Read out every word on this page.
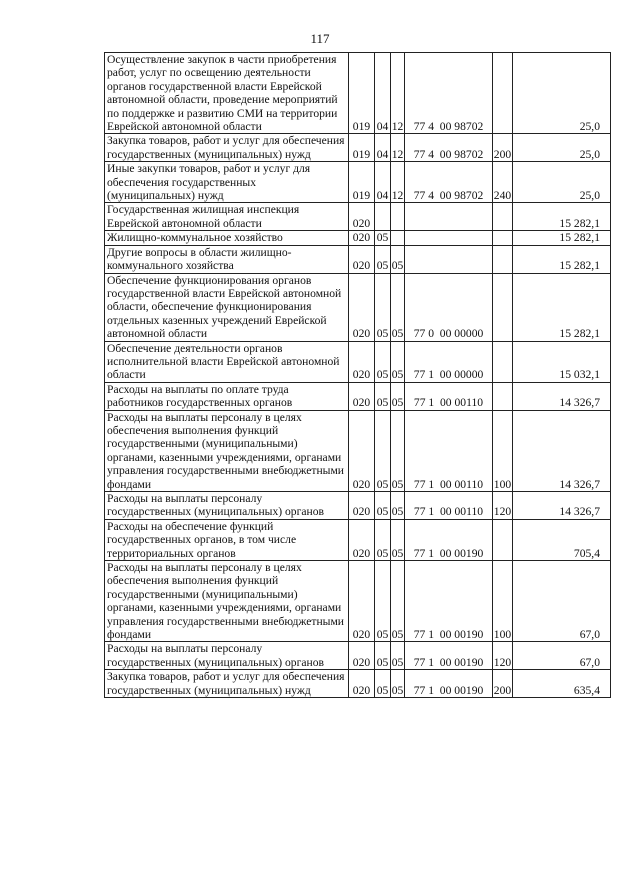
117
Осуществление закупок в части приобретения работ, услуг по освещению деятельности органов государственной власти Еврейской автономной области, проведение мероприятий по поддержке и развитию СМИ на территории Еврейской автономной области	019	04	12	77 4  00 98702		25,0
Закупка товаров, работ и услуг для обеспечения государственных (муниципальных) нужд	019	04	12	77 4  00 98702	200	25,0
Иные закупки товаров, работ и услуг для обеспечения государственных (муниципальных) нужд	019	04	12	77 4  00 98702	240	25,0
Государственная жилищная инспекция Еврейской автономной области	020					15 282,1
Жилищно-коммунальное хозяйство	020	05				15 282,1
Другие вопросы в области жилищно-коммунального хозяйства	020	05	05			15 282,1
Обеспечение функционирования органов государственной власти Еврейской автономной области, обеспечение функционирования отдельных казенных учреждений Еврейской автономной области	020	05	05	77 0  00 00000		15 282,1
Обеспечение деятельности органов исполнительной власти Еврейской автономной области	020	05	05	77 1  00 00000		15 032,1
Расходы на выплаты по оплате труда работников государственных органов	020	05	05	77 1  00 00110		14 326,7
Расходы на выплаты персоналу в целях обеспечения выполнения функций государственными (муниципальными) органами, казенными учреждениями, органами управления государственными внебюджетными фондами	020	05	05	77 1  00 00110	100	14 326,7
Расходы на выплаты персоналу государственных (муниципальных) органов	020	05	05	77 1  00 00110	120	14 326,7
Расходы на обеспечение функций государственных органов, в том числе территориальных органов	020	05	05	77 1  00 00190		705,4
Расходы на выплаты персоналу в целях обеспечения выполнения функций государственными (муниципальными) органами, казенными учреждениями, органами управления государственными внебюджетными фондами	020	05	05	77 1  00 00190	100	67,0
Расходы на выплаты персоналу государственных (муниципальных) органов	020	05	05	77 1  00 00190	120	67,0
Закупка товаров, работ и услуг для обеспечения государственных (муниципальных) нужд	020	05	05	77 1  00 00190	200	635,4
